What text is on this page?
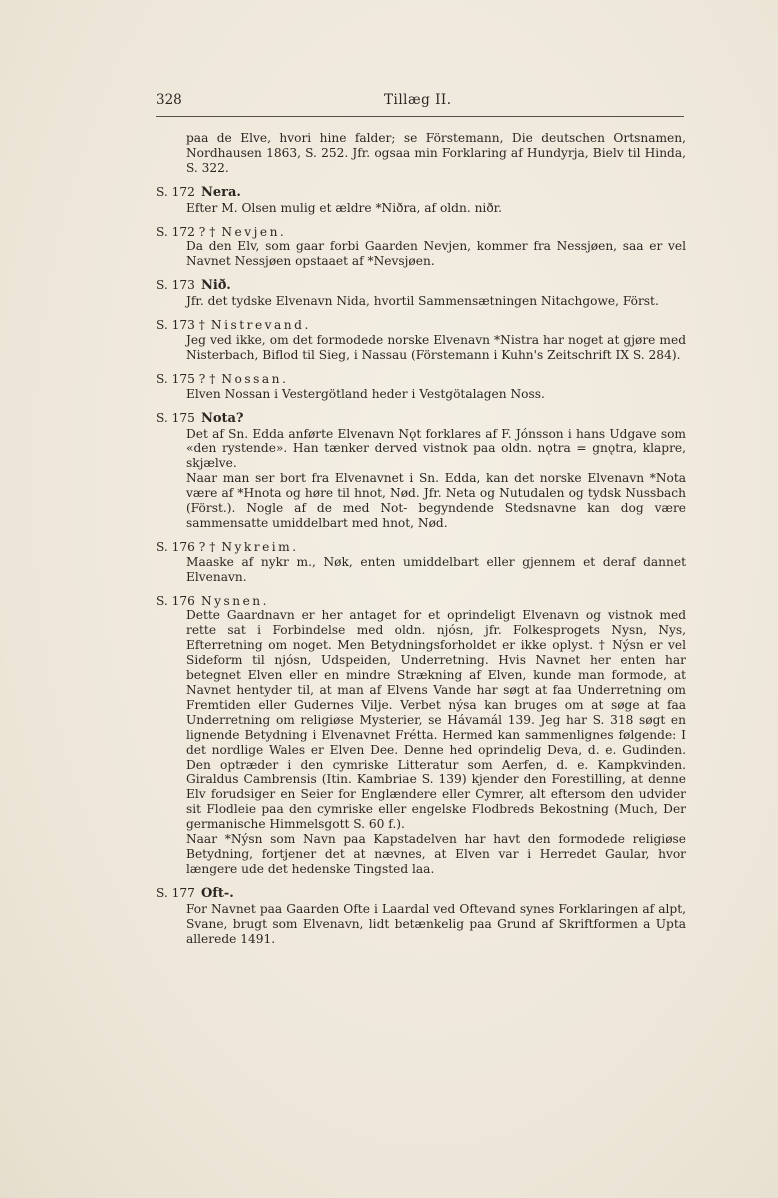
328	Tillæg II.

paa de Elve, hvori hine falder; se Förstemann, Die deutschen Ortsnamen, Nordhausen 1863, S. 252. Jfr. ogsaa min Forklaring af Hundyrja, Bielv til Hinda, S. 322.

S. 172 Nera.

Efter M. Olsen mulig et ældre *Niðra, af oldn. niðr.

S. 172 ? † Nevjen.

Da den Elv, som gaar forbi Gaarden Nevjen, kommer fra Nessjøen, saa er vel Navnet Nessjøen opstaaet af *Nevsjøen.

S. 173 Nið.

Jfr. det tydske Elvenavn Nida, hvortil Sammensætningen Nitachgowe, Först.

S. 173 † Nistrevand.

Jeg ved ikke, om det formodede norske Elvenavn *Nistra har noget at gjøre med Nisterbach, Biflod til Sieg, i Nassau (Förstemann i Kuhn's Zeitschrift IX S. 284).

S. 175 ? † Nossan.

Elven Nossan i Vestergötland heder i Vestgötalagen Noss.

S. 175 Nota?

Det af Sn. Edda anførte Elvenavn Nǫt forklares af F. Jónsson i hans Udgave som «den rystende». Han tænker derved vistnok paa oldn. nǫtra = gnǫtra, klapre, skjælve.

Naar man ser bort fra Elvenavnet i Sn. Edda, kan det norske Elvenavn *Nota være af *Hnota og høre til hnot, Nød. Jfr. Neta og Nutudalen og tydsk Nussbach (Först.). Nogle af de med Not- begyndende Stedsnavne kan dog være sammensatte umiddelbart med hnot, Nød.

S. 176 ? † Nykreim.

Maaske af nykr m., Nøk, enten umiddelbart eller gjennem et deraf dannet Elvenavn.

S. 176 Nysnen.

Dette Gaardnavn er her antaget for et oprindeligt Elvenavn og vistnok med rette sat i Forbindelse med oldn. njósn, jfr. Folkesprogets Nysn, Nys, Efterretning om noget. Men Betydningsforholdet er ikke oplyst. † Nýsn er vel Sideform til njósn, Udspeiden, Underretning. Hvis Navnet her enten har betegnet Elven eller en mindre Strækning af Elven, kunde man formode, at Navnet hentyder til, at man af Elvens Vande har søgt at faa Underretning om Fremtiden eller Gudernes Vilje. Verbet nýsa kan bruges om at søge at faa Underretning om religiøse Mysterier, se Hávamál 139. Jeg har S. 318 søgt en lignende Betydning i Elvenavnet Frétta. Hermed kan sammenlignes følgende: I det nordlige Wales er Elven Dee. Denne hed oprindelig Deva, d. e. Gudinden. Den optræder i den cymriske Litteratur som Aerfen, d. e. Kampkvinden. Giraldus Cambrensis (Itin. Kambriae S. 139) kjender den Forestilling, at denne Elv forudsiger en Seier for Englændere eller Cymrer, alt eftersom den udvider sit Flodleie paa den cymriske eller engelske Flodbreds Bekostning (Much, Der germanische Himmelsgott S. 60 f.).

Naar *Nýsn som Navn paa Kapstadelven har havt den formodede religiøse Betydning, fortjener det at nævnes, at Elven var i Herredet Gaular, hvor længere ude det hedenske Tingsted laa.

S. 177 Oft-.

For Navnet paa Gaarden Ofte i Laardal ved Oftevand synes Forklaringen af alpt, Svane, brugt som Elvenavn, lidt betænkelig paa Grund af Skriftformen a Upta allerede 1491.
